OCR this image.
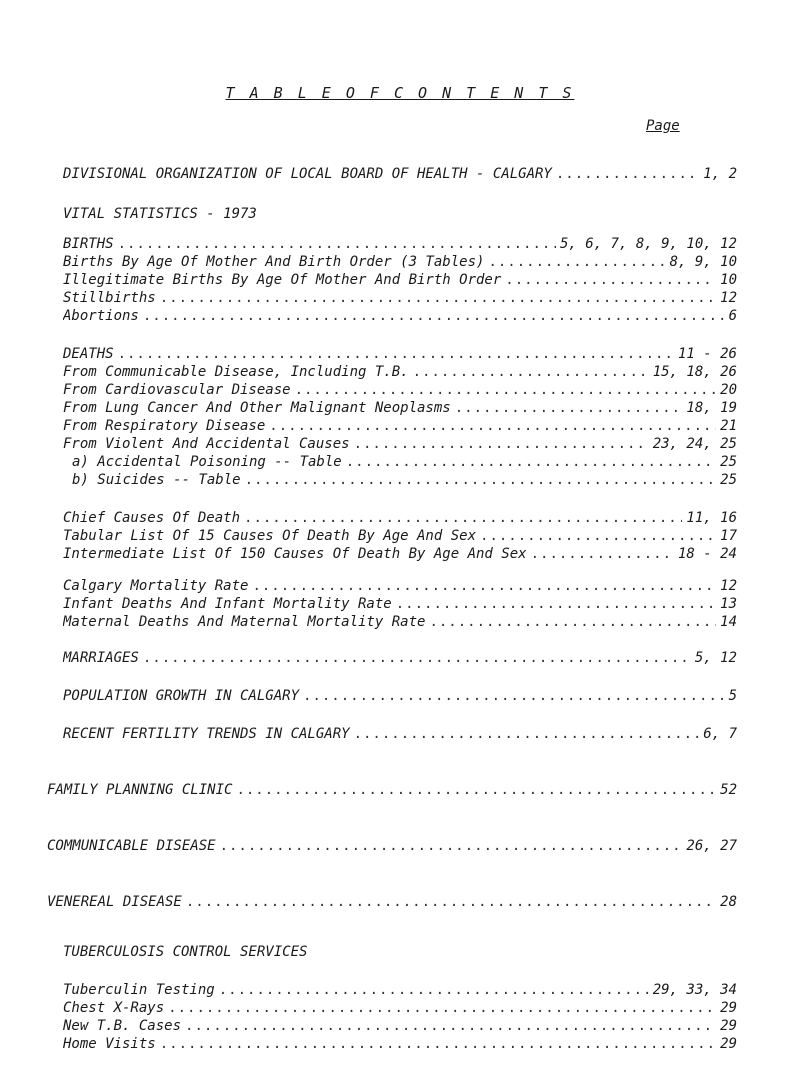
T A B L E O F C O N T E N T S
Page
DIVISIONAL ORGANIZATION OF LOCAL BOARD OF HEALTH - CALGARY .....	1, 2
VITAL STATISTICS - 1973
BIRTHS .....	5, 6, 7, 8, 9, 10, 12
Births By Age Of Mother And Birth Order (3 Tables) .....	8, 9, 10
Illegitimate Births By Age Of Mother And Birth Order .....	10
Stillbirths .....	12
Abortions .....	6
DEATHS .....	11 - 26
From Communicable Disease, Including T.B. .....	15, 18, 26
From Cardiovascular Disease .....	20
From Lung Cancer And Other Malignant Neoplasms .....	18, 19
From Respiratory Disease .....	21
From Violent And Accidental Causes .....	23, 24, 25
a) Accidental Poisoning -- Table .....	25
b) Suicides -- Table .....	25
Chief Causes Of Death .....	11, 16
Tabular List Of 15 Causes Of Death By Age And Sex .....	17
Intermediate List Of 150 Causes Of Death By Age And Sex .....	18 - 24
Calgary Mortality Rate .....	12
Infant Deaths And Infant Mortality Rate .....	13
Maternal Deaths And Maternal Mortality Rate .....	14
MARRIAGES .....	5, 12
POPULATION GROWTH IN CALGARY .....	5
RECENT FERTILITY TRENDS IN CALGARY .....	6, 7
FAMILY PLANNING CLINIC .....	52
COMMUNICABLE DISEASE .....	26, 27
VENEREAL DISEASE .....	28
TUBERCULOSIS CONTROL SERVICES
Tuberculin Testing .....	29, 33, 34
Chest X-Rays .....	29
New T.B. Cases .....	29
Home Visits .....	29
